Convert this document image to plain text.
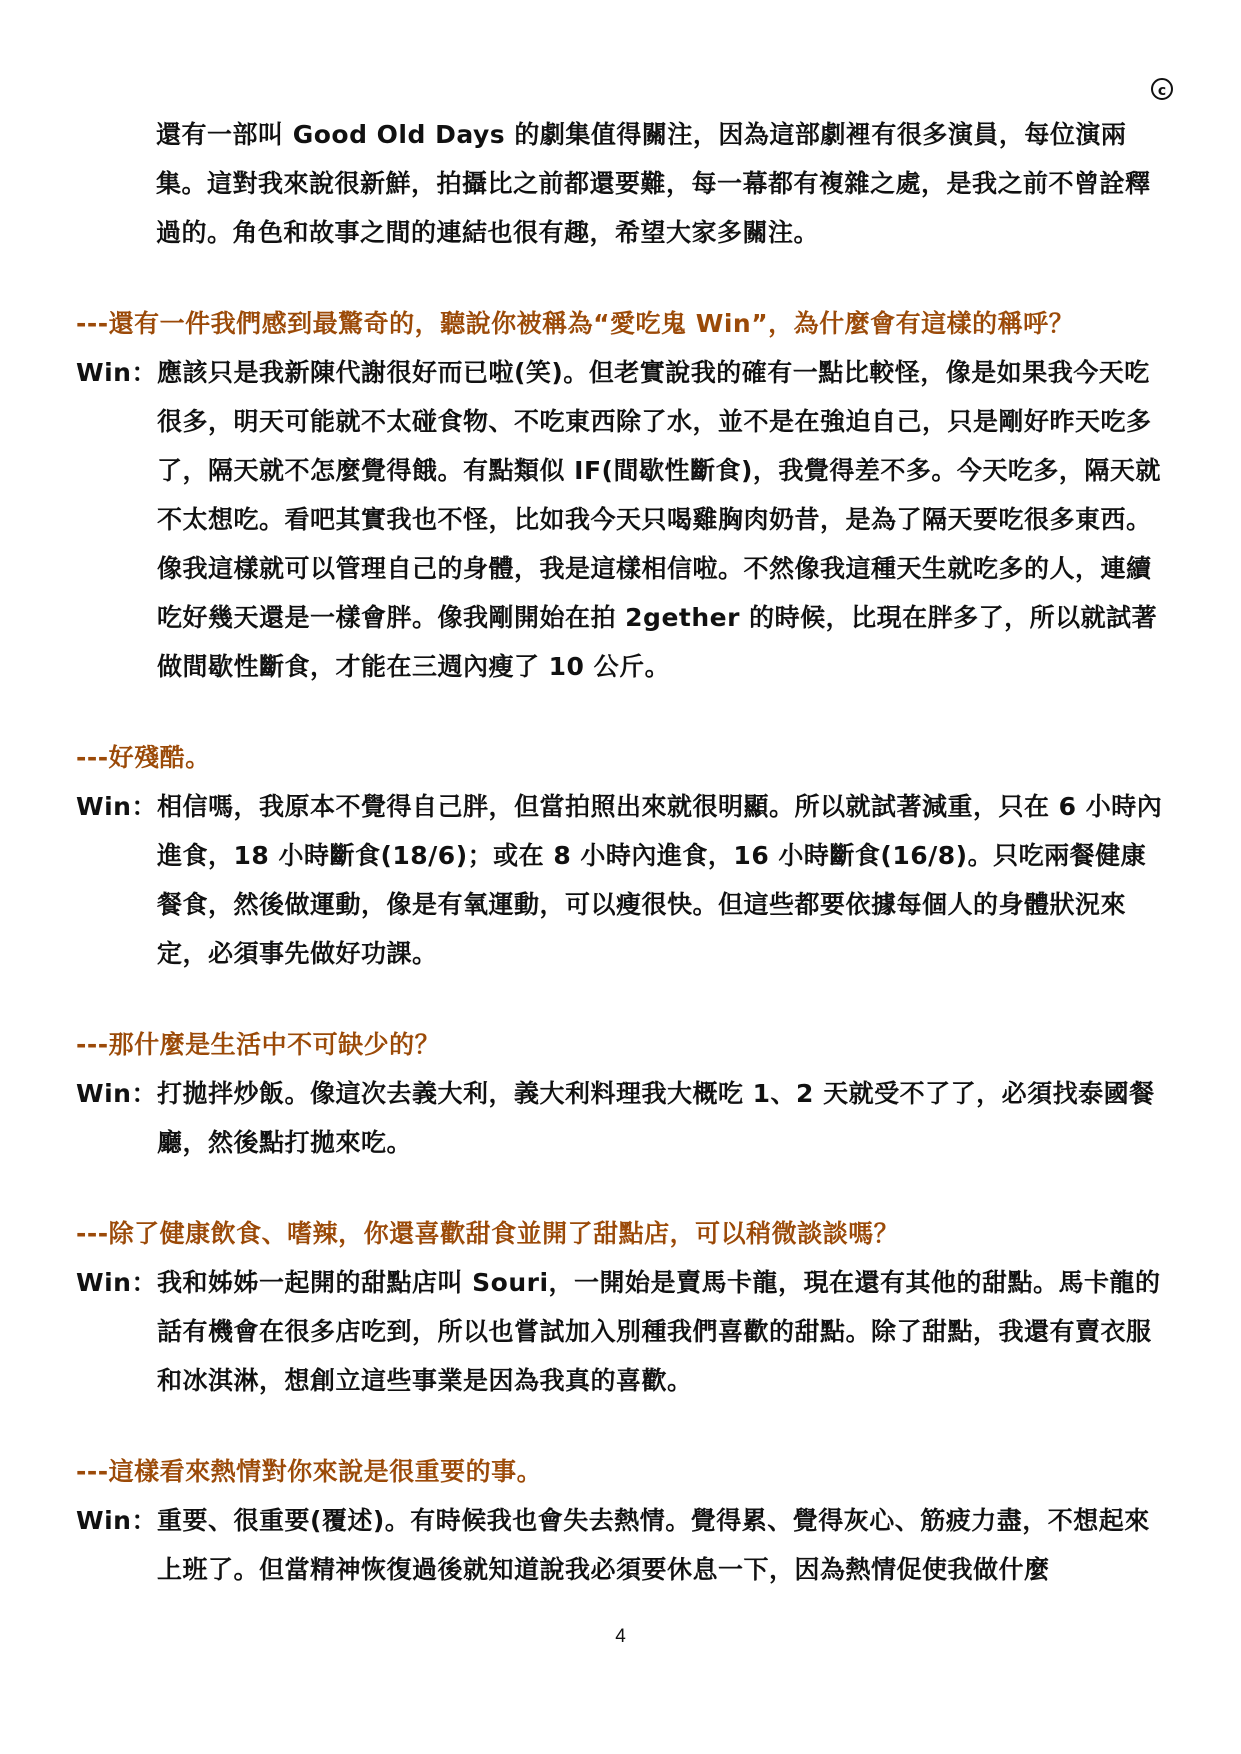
c
還有一部叫 Good Old Days 的劇集值得關注，因為這部劇裡有很多演員，每位演兩集。這對我來說很新鮮，拍攝比之前都還要難，每一幕都有複雜之處，是我之前不曾詮釋過的。角色和故事之間的連結也很有趣，希望大家多關注。
---還有一件我們感到最驚奇的，聽說你被稱為“愛吃鬼 Win”，為什麼會有這樣的稱呼？
Win： 應該只是我新陳代謝很好而已啦(笑)。但老實說我的確有一點比較怪，像是如果我今天吃很多，明天可能就不太碰食物、不吃東西除了水，並不是在強迫自己，只是剛好昨天吃多了，隔天就不怎麼覺得餓。有點類似 IF(間歇性斷食)，我覺得差不多。今天吃多，隔天就不太想吃。看吧其實我也不怪，比如我今天只喝雞胸肉奶昔，是為了隔天要吃很多東西。像我這樣就可以管理自己的身體，我是這樣相信啦。不然像我這種天生就吃多的人，連續吃好幾天還是一樣會胖。像我剛開始在拍 2gether 的時候，比現在胖多了，所以就試著做間歇性斷食，才能在三週內瘦了 10 公斤。
---好殘酷。
Win： 相信嗎，我原本不覺得自己胖，但當拍照出來就很明顯。所以就試著減重，只在 6 小時內進食，18 小時斷食(18/6)；或在 8 小時內進食，16 小時斷食(16/8)。只吃兩餐健康餐食，然後做運動，像是有氧運動，可以瘦很快。但這些都要依據每個人的身體狀況來定，必須事先做好功課。
---那什麼是生活中不可缺少的？
Win： 打拋拌炒飯。像這次去義大利，義大利料理我大概吃 1、2 天就受不了了，必須找泰國餐廳，然後點打拋來吃。
---除了健康飲食、嗜辣，你還喜歡甜食並開了甜點店，可以稍微談談嗎？
Win： 我和姊姊一起開的甜點店叫 Souri，一開始是賣馬卡龍，現在還有其他的甜點。馬卡龍的話有機會在很多店吃到，所以也嘗試加入別種我們喜歡的甜點。除了甜點，我還有賣衣服和冰淇淋，想創立這些事業是因為我真的喜歡。
---這樣看來熱情對你來說是很重要的事。
Win： 重要、很重要(覆述)。有時候我也會失去熱情。覺得累、覺得灰心、筋疲力盡，不想起來上班了。但當精神恢復過後就知道說我必須要休息一下，因為熱情促使我做什麼
4
